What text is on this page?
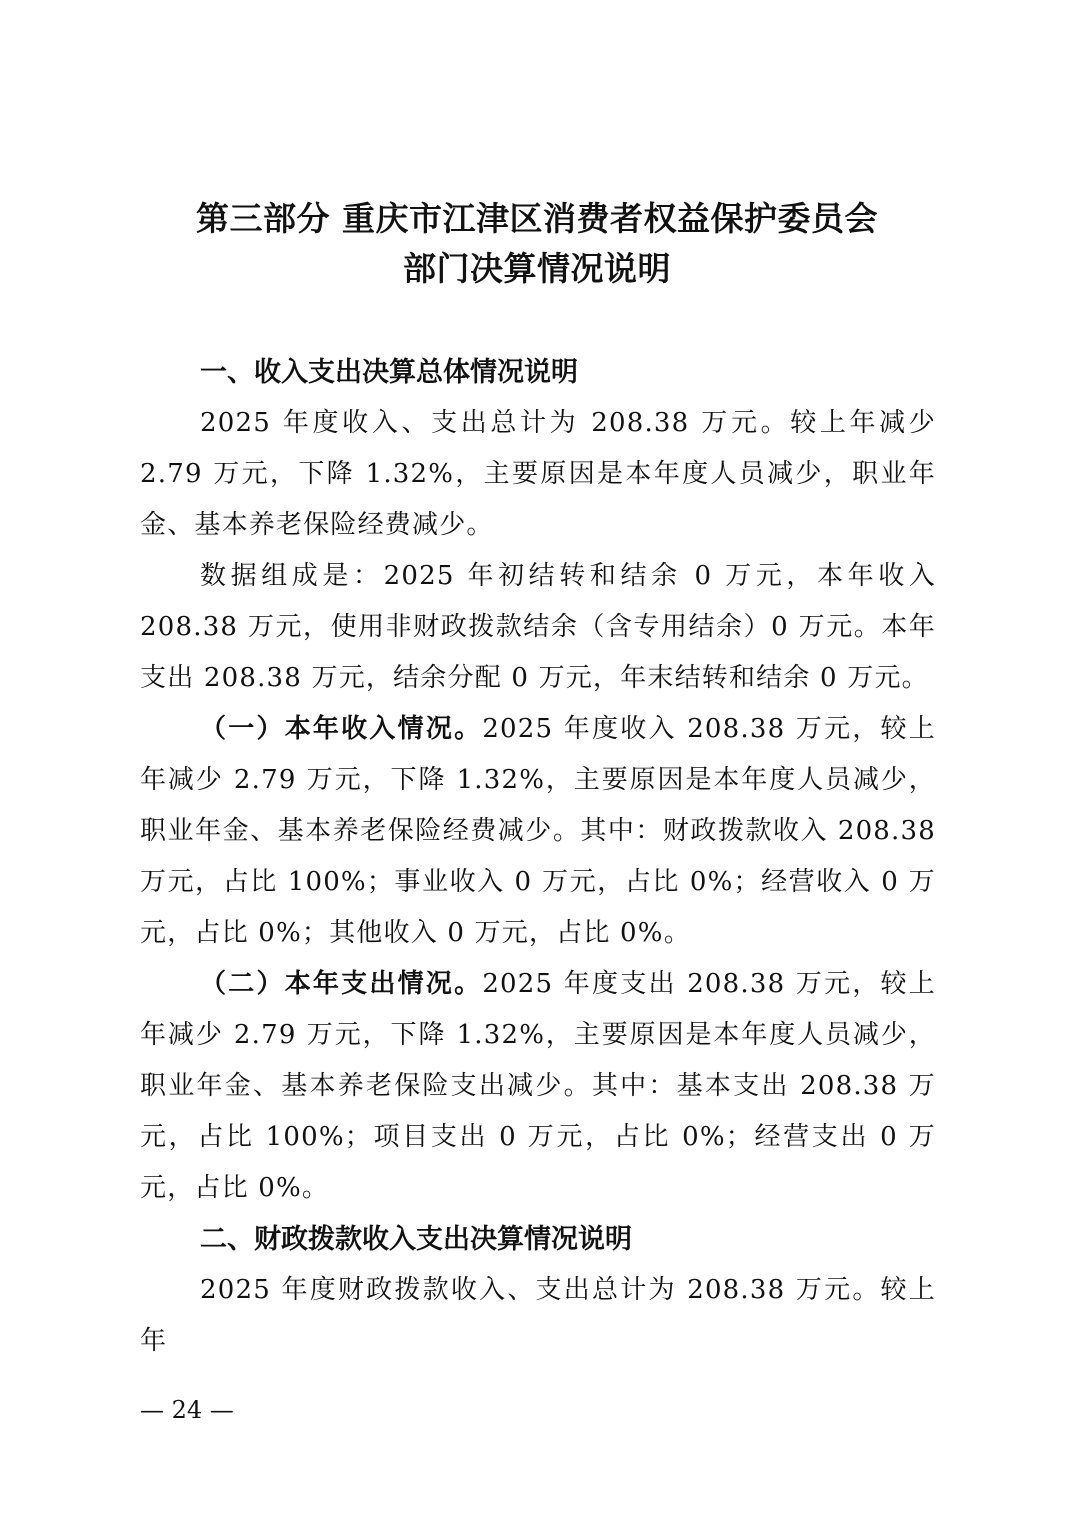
第三部分 重庆市江津区消费者权益保护委员会
部门决算情况说明

一、收入支出决算总体情况说明

2025 年度收入、支出总计为 208.38 万元。较上年减少 2.79 万元，下降 1.32%，主要原因是本年度人员减少，职业年金、基本养老保险经费减少。

数据组成是：2025 年初结转和结余 0 万元，本年收入 208.38 万元，使用非财政拨款结余（含专用结余）0 万元。本年支出 208.38 万元，结余分配 0 万元，年末结转和结余 0 万元。

（一）本年收入情况。2025 年度收入 208.38 万元，较上年减少 2.79 万元，下降 1.32%，主要原因是本年度人员减少，职业年金、基本养老保险经费减少。其中：财政拨款收入 208.38 万元，占比 100%；事业收入 0 万元，占比 0%；经营收入 0 万元，占比 0%；其他收入 0 万元，占比 0%。

（二）本年支出情况。2025 年度支出 208.38 万元，较上年减少 2.79 万元，下降 1.32%，主要原因是本年度人员减少，职业年金、基本养老保险支出减少。其中：基本支出 208.38 万元，占比 100%；项目支出 0 万元，占比 0%；经营支出 0 万元，占比 0%。

二、财政拨款收入支出决算情况说明

2025 年度财政拨款收入、支出总计为 208.38 万元。较上年

— 24 —
